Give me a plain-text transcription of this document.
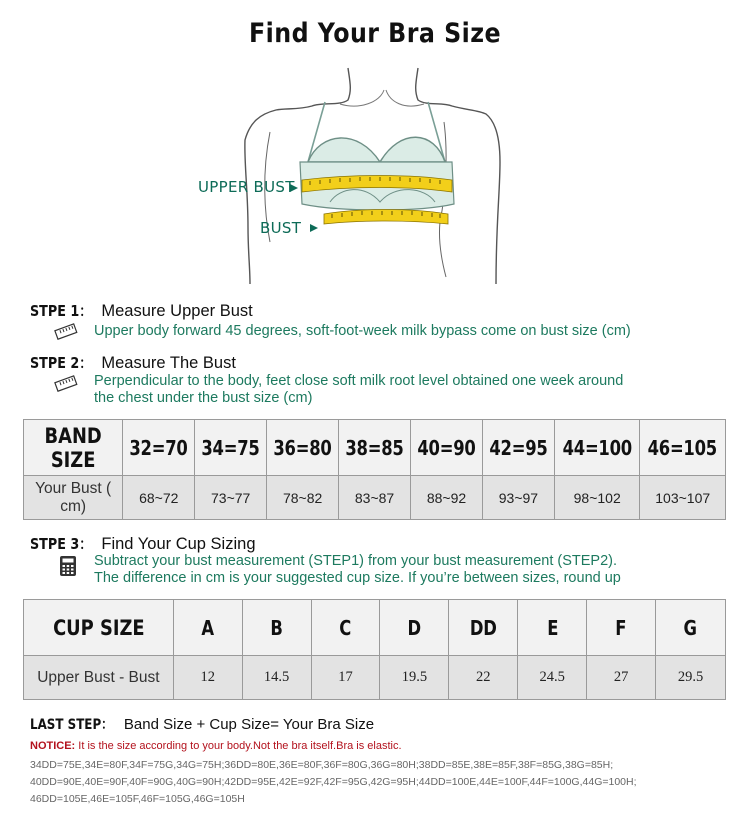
Find Your Bra Size
UPPER BUST
BUST
STPE 1： Measure Upper Bust
Upper body forward 45 degrees, soft-foot-week milk bypass come on bust size (cm)
STPE 2： Measure The Bust
Perpendicular to the body, feet close soft milk root level obtained one week around
the chest under the bust size (cm)
BAND SIZE	32=70	34=75	36=80	38=85	40=90	42=95	44=100	46=105
Your Bust ( cm)	68~72	73~77	78~82	83~87	88~92	93~97	98~102	103~107
STPE 3： Find Your Cup Sizing
Subtract your bust measurement (STEP1) from your bust measurement (STEP2).
The difference in cm is your suggested cup size. If you’re between sizes, round up
CUP SIZE	A	B	C	D	DD	E	F	G
Upper Bust - Bust	12	14.5	17	19.5	22	24.5	27	29.5
LAST STEP： Band Size + Cup Size= Your Bra Size
NOTICE: It is the size according to your body.Not the bra itself.Bra is elastic.
34DD=75E,34E=80F,34F=75G,34G=75H;36DD=80E,36E=80F,36F=80G,36G=80H;38DD=85E,38E=85F,38F=85G,38G=85H;
40DD=90E,40E=90F,40F=90G,40G=90H;42DD=95E,42E=92F,42F=95G,42G=95H;44DD=100E,44E=100F,44F=100G,44G=100H;
46DD=105E,46E=105F,46F=105G,46G=105H
